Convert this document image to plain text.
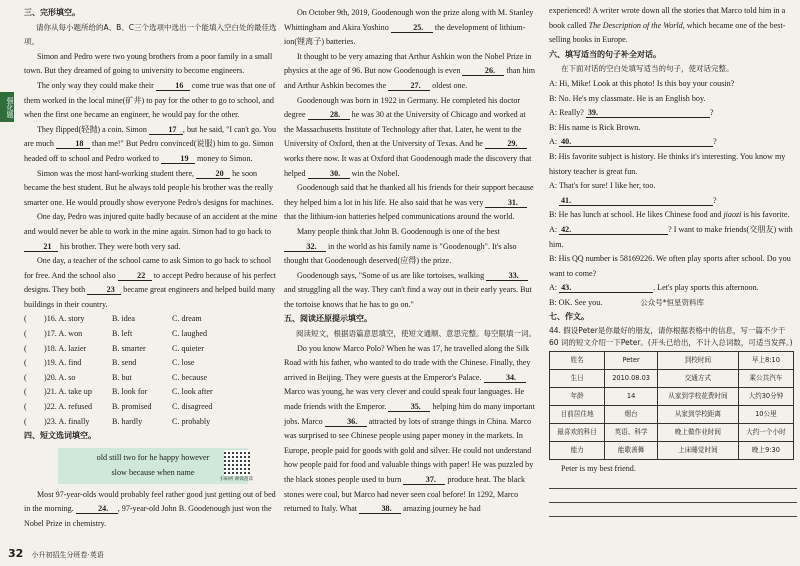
强化题

三、完形填空。

请你从每小题所给的A、B、C三个选项中选出一个能填入空白处的最佳选项。

Simon and Pedro were two young brothers from a poor family in a small town. But they dreamed of going to university to become engineers.

The only way they could make their 16 come true was that one of them worked in the local mine(矿井) to pay for the other to go to school, and when the first one became an engineer, he would pay for the other.

They flipped(轻抛) a coin. Simon 17 , but he said, "I can't go. You are much 18 than me!" But Pedro convinced(说服) him to go. Simon headed off to school and Pedro worked to 19 money to Simon.

Simon was the most hard-working student there, 20 he soon became the best student. But he always told people his brother was the really smarter one. He would proudly show everyone Pedro's designs for machines.

One day, Pedro was injured quite badly because of an accident at the mine and would never be able to work in the mine again. Simon had to go back to 21 his brother. They were both very sad.

One day, a teacher of the school came to ask Simon to go back to school for free. And the school also 22 to accept Pedro because of his perfect designs. They both 23 became great engineers and helped build many buildings in their country.

(	)16. A. story	B. idea	C. dream
(	)17. A. won	B. left	C. laughed
(	)18. A. lazier	B. smarter	C. quieter
(	)19. A. find	B. send	C. lose
(	)20. A. so	B. but	C. because
(	)21. A. take up	B. look for	C. look after
(	)22. A. refused	B. promised	C. disagreed
(	)23. A. finally	B. hardly	C. probably

四、短文选词填空。

old still two for he happy however
slow because when name
扫码听 朗读范读

Most 97-year-olds would probably feel rather good just getting out of bed in the morning.	24. , 97-year-old John B. Goodenough just won the Nobel Prize in chemistry.

On October 9th, 2019, Goodenough won the prize along with M. Stanley Whittingham and Akira Yoshino	25. the development of lithium-ion(锂离子) batteries.

It thought to be very amazing that Arthur Ashkin won the Nobel Prize in physics at the age of 96. But now Goodenough is even	26. than him and Arthur Ashkin becomes the	27. oldest one.

Goodenough was born in 1922 in Germany. He completed his doctor degree	28. he was 30 at the University of Chicago and worked at the Massachusetts Institute of Technology after that. Later, he went to the University of Oxford, then at the University of Texas. And he	29. works there now. It was at Oxford that Goodenough made the discovery that helped	30. win the Nobel.

Goodenough said that he thanked all his friends for their support because they helped him a lot in his life. He also said that he was very	31. that the lithium-ion batteries helped communications around the world.

Many people think that John B. Goodenough is one of the best 32. in the world as his family name is "Goodenough". It's also thought that Goodenough deserved(应得) the prize.

Goodenough says, "Some of us are like tortoises, walking	33. and struggling all the way. They can't find a way out in their early years. But the tortoise knows that he has to go on."

五、阅读还原提示填空。

阅读短文，根据语篇意思填空，使短文通顺、意思完整。每空限填一词。

Do you know Marco Polo? When he was 17, he travelled along the Silk Road with his father, who wanted to do trade with the Chinese. Finally, they arrived in Beijing. They were guests at the Emperor's Palace.	34. Marco was young, he was very clever and could speak four languages. He made friends with the Emperor.	35. helping him do many important jobs. Marco	36. attracted by lots of strange things in China. Marco was surprised to see Chinese people using paper money in the markets. In Europe, people paid for goods with gold and silver. He could not understand how people paid for food and valuable things with paper! He was puzzled by the black stones people used to burn	37. produce heat. The black stones were coal, but Marco had never seen coal before! In 1292, Marco returned to Italy. What	38. amazing journey he had

experienced! A writer wrote down all the stories that Marco told him in a book called The Description of the World, which became one of the best-selling books in Europe.

六、填写适当的句子补全对话。

在下面对话的空白处填写适当的句子，使对话完整。

A: Hi, Mike! Look at this photo! Is this boy your cousin?

B: No. He's my classmate. He is an English boy.

A: Really? 39.	?

B: His name is Rick Brown.

A: 40.	?

B: His favorite subject is history. He thinks it's interesting. You know my history teacher is great fun.

A: That's for sure! I like her, too.

41.	?

B: He has lunch at school. He likes Chinese food and jiaozi is his favorite.

A: 42.	? I want to make friends(交朋友) with him.

B: His QQ number is 58169226. We often play sports after school. Do you want to come?

A: 43.	. Let's play sports this afternoon.

B: OK. See you.	公众号*恒星资料库

七、作文。

44. 假设Peter是你最好的朋友，请你根据表格中的信息，写一篇不少于 60 词的短文介绍一下Peter。(开头已给出，不计入总词数，可适当发挥。)

姓名	Peter	到校时间	早上8:10
生日	2010.08.03	交通方式	乘公共汽车
年龄	14	从家到学校花费时间	大约30分钟
目前居住地	烟台	从家到学校距离	10公里
最喜欢的科目	英语、科学	晚上做作业时间	大约一个小时
能力	能歌善舞	上床睡觉时间	晚上9:30

Peter is my best friend.

32 小升初招生分班卷·英语
